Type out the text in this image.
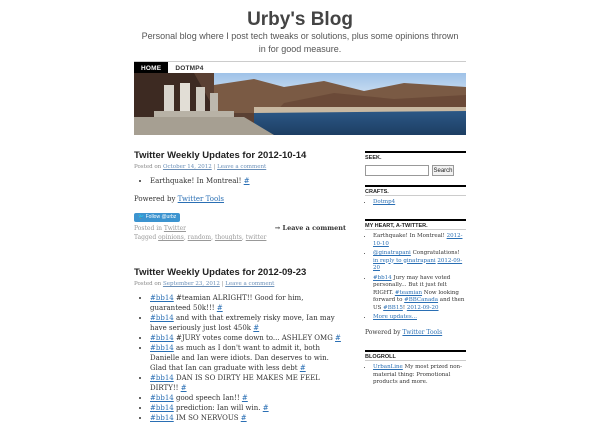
Urby's Blog
Personal blog where I post tech tweaks or solutions, plus some opinions thrown in for good measure.
HOME	DOTMP4
Twitter Weekly Updates for 2012-10-14
Posted on October 14, 2012 | Leave a comment
• Earthquake! In Montreal! #
Powered by Twitter Tools
🐦 Follow @urbz
Posted in Twitter
Tagged opinions, random, thoughts, twitter
→ Leave a comment
Twitter Weekly Updates for 2012-09-23
Posted on September 23, 2012 | Leave a comment
• #bb14 #teamian ALRIGHT!! Good for him, guaranteed 50k!!! #
• #bb14 and with that extremely risky move, Ian may have seriously just lost 450k #
• #bb14 #JURY votes come down to... ASHLEY OMG #
• #bb14 as much as I don't want to admit it, both Danielle and Ian were idiots. Dan deserves to win. Glad that Ian can graduate with less debt #
• #bb14 DAN IS SO DIRTY HE MAKES ME FEEL DIRTY!! #
• #bb14 good speech Ian!! #
• #bb14 prediction: Ian will win. #
• #bb14 IM SO NERVOUS #
SEEK.
Search
CRAFTS.
• Dotmp4
MY HEART, A-TWITTER.
• Earthquake! In Montreal! 2012-10-10
• @ginatrapani Congratulations! in reply to ginatrapani 2012-09-20
• #bb14 Jury may have voted personally... But it just felt RIGHT. #teamian Now looking forward to #BBCanada and then US #BB15! 2012-09-20
• More updates...
Powered by Twitter Tools
BLOGROLL
• UrbanLine My most prized non-material thing: Promotional products and more.
